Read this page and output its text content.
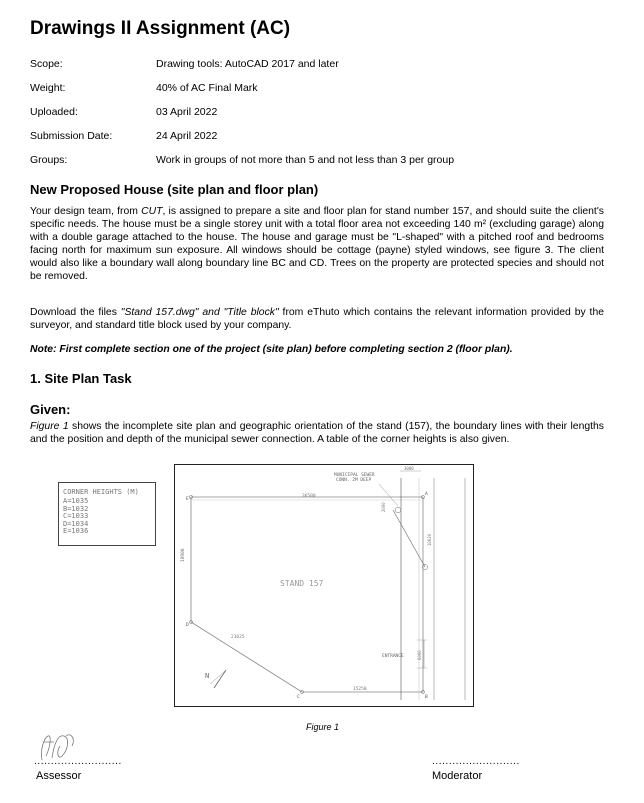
Drawings II Assignment (AC)
Scope:	Drawing tools: AutoCAD 2017 and later
Weight:	40% of AC Final Mark
Uploaded:	03 April 2022
Submission Date:	24 April 2022
Groups:	Work in groups of not more than 5 and not less than 3 per group
New Proposed House (site plan and floor plan)

Your design team, from CUT, is assigned to prepare a site and floor plan for stand number 157, and should suite the client's specific needs. The house must be a single storey unit with a total floor area not exceeding 140 m² (excluding garage) along with a double garage attached to the house. The house and garage must be "L-shaped" with a pitched roof and bedrooms facing north for maximum sun exposure. All windows should be cottage (payne) styled windows, see figure 3. The client would also like a boundary wall along boundary line BC and CD. Trees on the property are protected species and should not be removed.

Download the files "Stand 157.dwg" and "Title block" from eThuto which contains the relevant information provided by the surveyor, and standard title block used by your company.

Note: First complete section one of the project (site plan) before completing section 2 (floor plan).
1. Site Plan Task
Given:

Figure 1 shows the incomplete site plan and geographic orientation of the stand (157), the boundary lines with their lengths and the position and depth of the municipal sewer connection. A table of the corner heights is also given.

CORNER HEIGHTS (M)
A=1035
B=1032
C=1033
D=1034
E=1036
STAND 157
MUNICIPAL SEWER
CONN. 2M DEEP
36500
18900
21625
15250
2000
3000
10620
6000
ENTRANCE
N
A
B
C
D
E
Figure 1
..........................
Assessor
..........................
Moderator
